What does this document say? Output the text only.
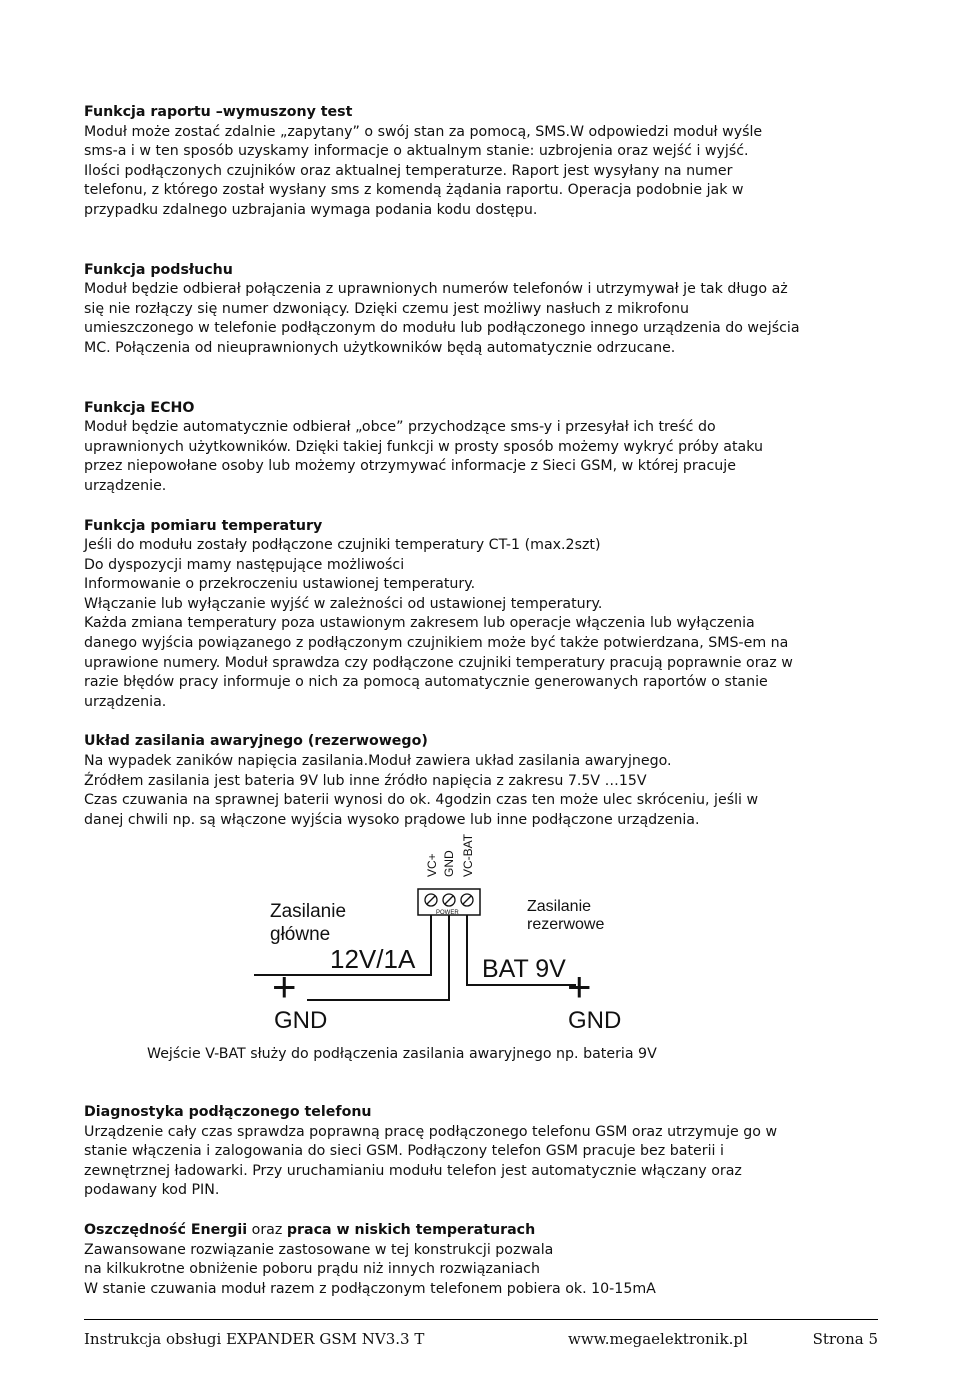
Funkcja raportu –wymuszony test

Moduł może zostać zdalnie „zapytany” o swój stan za pomocą, SMS.W odpowiedzi moduł wyśle

sms-a i w ten sposób uzyskamy informacje o aktualnym stanie: uzbrojenia oraz wejść i wyjść.

Ilości podłączonych czujników oraz aktualnej temperaturze. Raport jest wysyłany na numer

telefonu, z którego został wysłany sms z komendą żądania raportu. Operacja podobnie jak w

przypadku zdalnego uzbrajania wymaga podania kodu dostępu.

Funkcja podsłuchu

Moduł będzie odbierał połączenia z uprawnionych numerów telefonów i utrzymywał je tak długo aż

się nie rozłączy się numer dzwoniący. Dzięki czemu jest możliwy nasłuch z mikrofonu

umieszczonego w telefonie podłączonym do modułu lub podłączonego innego urządzenia do wejścia

MC. Połączenia od nieuprawnionych użytkowników będą automatycznie odrzucane.

Funkcja ECHO

Moduł będzie automatycznie odbierał „obce” przychodzące sms-y i przesyłał ich treść do

uprawnionych użytkowników. Dzięki takiej funkcji w prosty sposób możemy wykryć próby ataku

przez niepowołane osoby lub możemy otrzymywać informacje z Sieci GSM, w której pracuje

urządzenie.

Funkcja pomiaru temperatury

Jeśli do modułu zostały podłączone czujniki temperatury CT-1 (max.2szt)

Do dyspozycji mamy następujące możliwości

Informowanie o przekroczeniu ustawionej temperatury.

Włączanie lub wyłączanie wyjść w zależności od ustawionej temperatury.

Każda zmiana temperatury poza ustawionym zakresem lub operacje włączenia lub wyłączenia

danego wyjścia powiązanego z podłączonym czujnikiem może być także potwierdzana, SMS-em na

uprawione numery. Moduł sprawdza czy podłączone czujniki temperatury pracują poprawnie oraz w

razie błędów pracy informuje o nich za pomocą automatycznie generowanych raportów o stanie

urządzenia.

Układ zasilania awaryjnego (rezerwowego)

Na wypadek zaników napięcia zasilania.Moduł zawiera układ zasilania awaryjnego.

Źródłem zasilania jest bateria 9V lub inne źródło napięcia z zakresu 7.5V …15V

Czas czuwania na sprawnej baterii wynosi do ok. 4godzin czas ten może ulec skróceniu, jeśli w

danej chwili np. są włączone wyjścia wysoko prądowe lub inne podłączone urządzenia.

VC+ GND VC-BAT
POWER
Zasilanie
główne
12V/1A
+
GND
Zasilanie
rezerwowe
BAT 9V +
GND
Wejście V-BAT służy do podłączenia zasilania awaryjnego np. bateria 9V

Diagnostyka podłączonego telefonu

Urządzenie cały czas sprawdza poprawną pracę podłączonego telefonu GSM oraz utrzymuje go w

stanie włączenia i zalogowania do sieci GSM. Podłączony telefon GSM pracuje bez baterii i

zewnętrznej ładowarki. Przy uruchamianiu modułu telefon jest automatycznie włączany oraz

podawany kod PIN.

Oszczędność Energii oraz praca w niskich temperaturach

Zawansowane rozwiązanie zastosowane w tej konstrukcji pozwala

na kilkukrotne obniżenie poboru prądu niż innych rozwiązaniach

W stanie czuwania moduł razem z podłączonym telefonem pobiera ok. 10-15mA

Instrukcja obsługi EXPANDER GSM NV3.3 T	www.megaelektronik.pl	Strona 5
